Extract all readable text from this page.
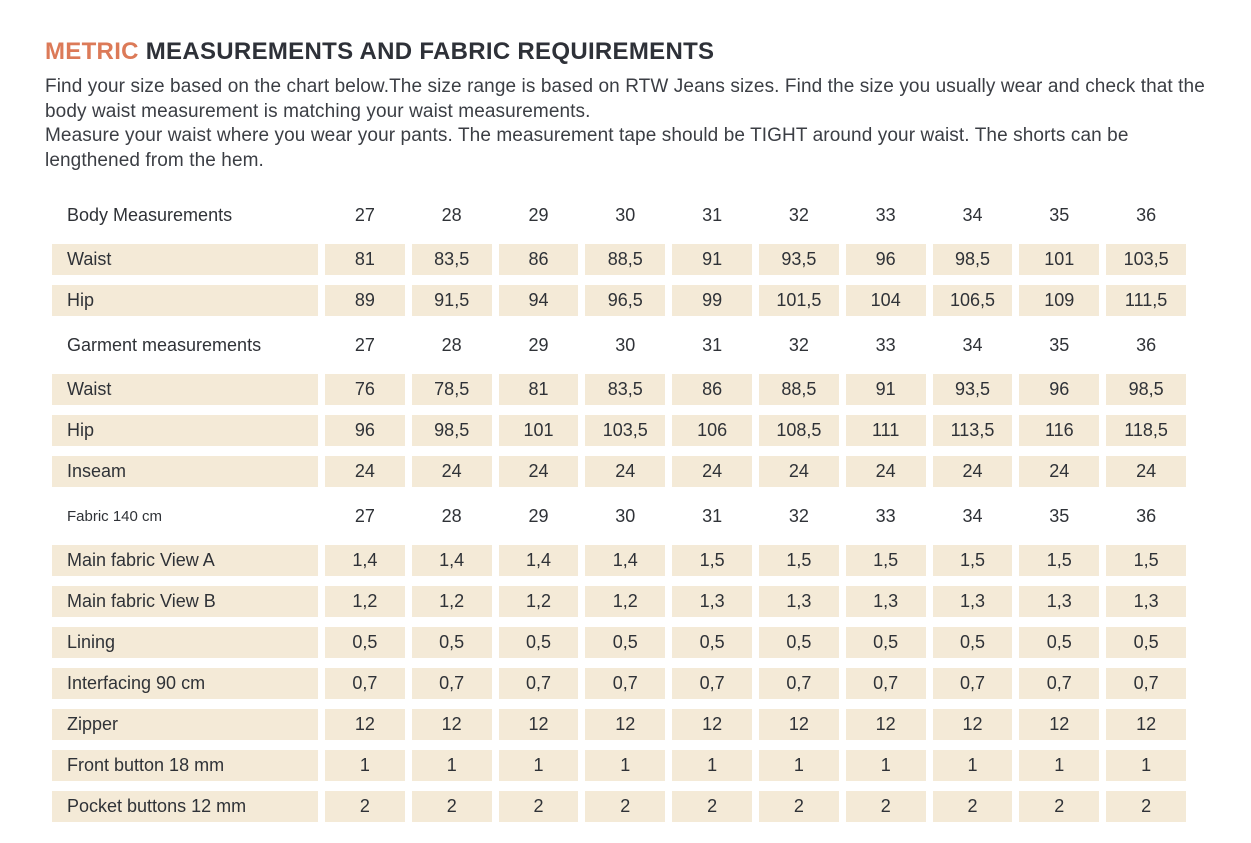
METRIC MEASUREMENTS AND FABRIC REQUIREMENTS

Find your size based on the chart below.The size range is based on RTW Jeans sizes. Find the size you usually wear and check that the body waist measurement is matching your waist measurements.

Measure your waist where you wear your pants. The measurement tape should be TIGHT around your waist. The shorts can be lengthened from the hem.

Body Measurements	27	28	29	30	31	32	33	34	35	36
Waist	81	83,5	86	88,5	91	93,5	96	98,5	101	103,5
Hip	89	91,5	94	96,5	99	101,5	104	106,5	109	111,5
Garment measurements	27	28	29	30	31	32	33	34	35	36
Waist	76	78,5	81	83,5	86	88,5	91	93,5	96	98,5
Hip	96	98,5	101	103,5	106	108,5	111	113,5	116	118,5
Inseam	24	24	24	24	24	24	24	24	24	24
Fabric 140 cm	27	28	29	30	31	32	33	34	35	36
Main fabric View A	1,4	1,4	1,4	1,4	1,5	1,5	1,5	1,5	1,5	1,5
Main fabric View B	1,2	1,2	1,2	1,2	1,3	1,3	1,3	1,3	1,3	1,3
Lining	0,5	0,5	0,5	0,5	0,5	0,5	0,5	0,5	0,5	0,5
Interfacing 90 cm	0,7	0,7	0,7	0,7	0,7	0,7	0,7	0,7	0,7	0,7
Zipper	12	12	12	12	12	12	12	12	12	12
Front button 18 mm	1	1	1	1	1	1	1	1	1	1
Pocket buttons 12 mm	2	2	2	2	2	2	2	2	2	2
